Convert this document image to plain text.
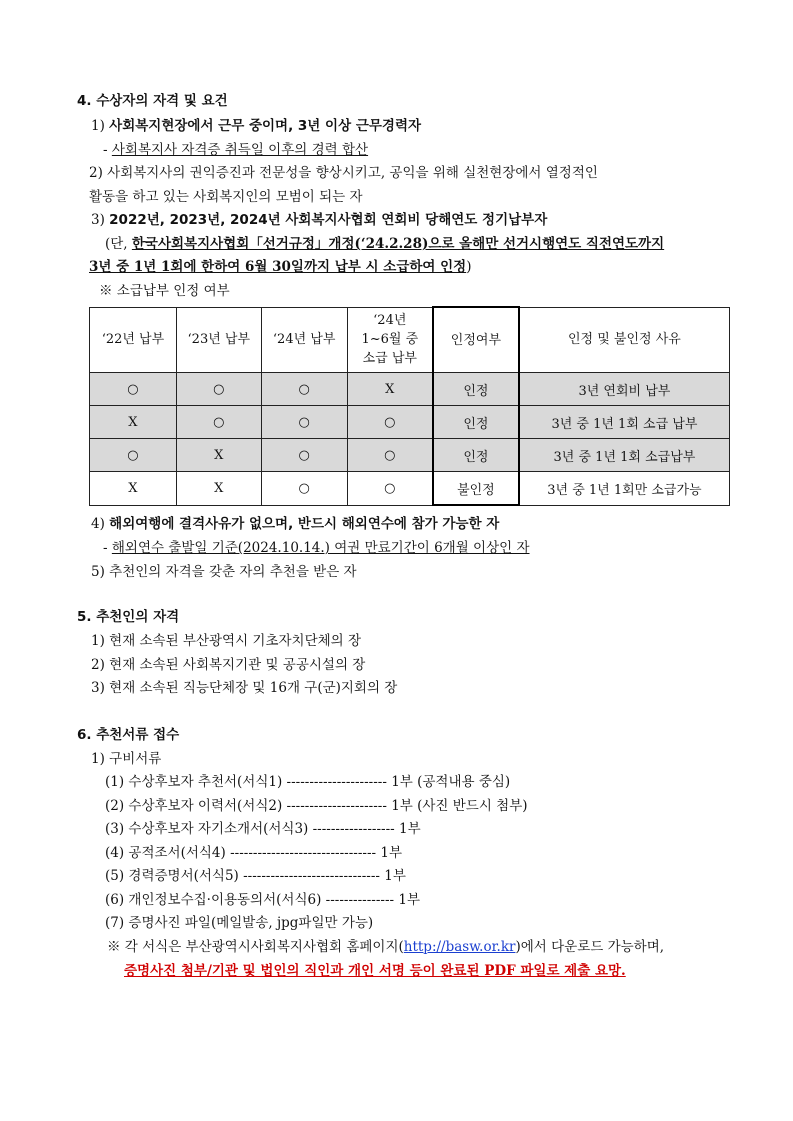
4. 수상자의 자격 및 요건
1) 사회복지현장에서 근무 중이며, 3년 이상 근무경력자
- 사회복지사 자격증 취득일 이후의 경력 합산
2) 사회복지사의 권익증진과 전문성을 향상시키고, 공익을 위해 실천현장에서 열정적인
활동을 하고 있는 사회복지인의 모범이 되는 자
3) 2022년, 2023년, 2024년 사회복지사협회 연회비 당해연도 정기납부자
(단, 한국사회복지사협회「선거규정」개정(‘24.2.28)으로 올해만 선거시행연도 직전연도까지
3년 중 1년 1회에 한하여 6월 30일까지 납부 시 소급하여 인정)
※ 소급납부 인정 여부
‘22년 납부	‘23년 납부	‘24년 납부	‘24년
1~6월 중
소급 납부	인정여부	인정 및 불인정 사유
○	○	○	X	인정	3년 연회비 납부
X	○	○	○	인정	3년 중 1년 1회 소급 납부
○	X	○	○	인정	3년 중 1년 1회 소급납부
X	X	○	○	불인정	3년 중 1년 1회만 소급가능
4) 해외여행에 결격사유가 없으며, 반드시 해외연수에 참가 가능한 자
- 해외연수 출발일 기준(2024.10.14.) 여권 만료기간이 6개월 이상인 자
5) 추천인의 자격을 갖춘 자의 추천을 받은 자
5. 추천인의 자격
1) 현재 소속된 부산광역시 기초자치단체의 장
2) 현재 소속된 사회복지기관 및 공공시설의 장
3) 현재 소속된 직능단체장 및 16개 구(군)지회의 장
6. 추천서류 접수
1) 구비서류
(1) 수상후보자 추천서(서식1) ---------------------- 1부 (공적내용 중심)
(2) 수상후보자 이력서(서식2) ---------------------- 1부 (사진 반드시 첨부)
(3) 수상후보자 자기소개서(서식3) ------------------ 1부
(4) 공적조서(서식4) -------------------------------- 1부
(5) 경력증명서(서식5) ------------------------------ 1부
(6) 개인정보수집·이용동의서(서식6) --------------- 1부
(7) 증명사진 파일(메일발송, jpg파일만 가능)
※ 각 서식은 부산광역시사회복지사협회 홈페이지(http://basw.or.kr)에서 다운로드 가능하며,
증명사진 첨부/기관 및 법인의 직인과 개인 서명 등이 완료된 PDF 파일로 제출 요망.
